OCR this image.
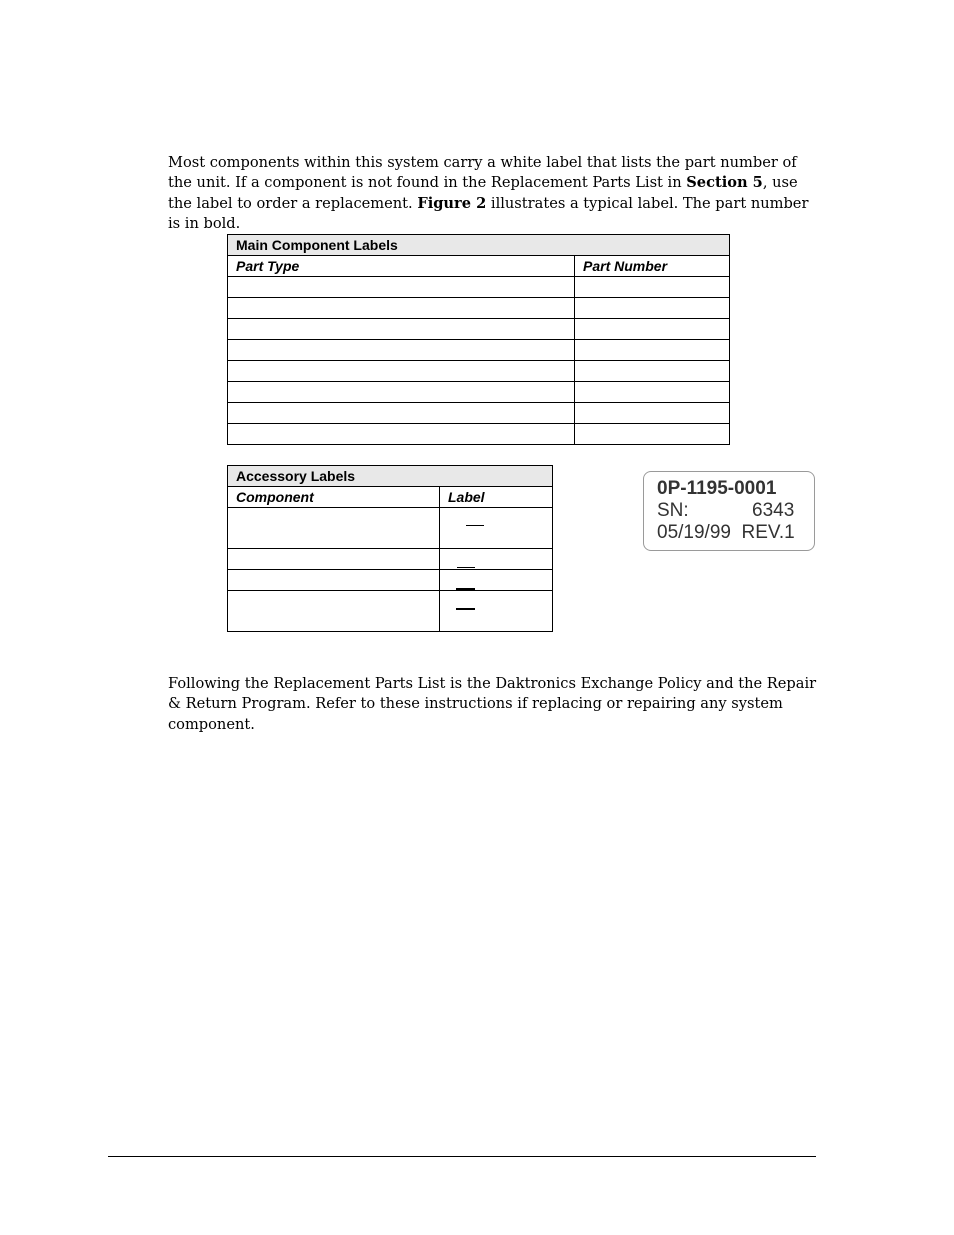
Most components within this system carry a white label that lists the part number of the unit. If a component is not found in the Replacement Parts List in Section 5, use the label to order a replacement. Figure 2 illustrates a typical label. The part number is in bold.

Main Component Labels	
Part Type	Part Number

Accessory Labels	
Component	Label

		0P-1195-0001
SN:	6343
05/19/99  REV.1

Following the Replacement Parts List is the Daktronics Exchange Policy and the Repair & Return Program. Refer to these instructions if replacing or repairing any system component.
